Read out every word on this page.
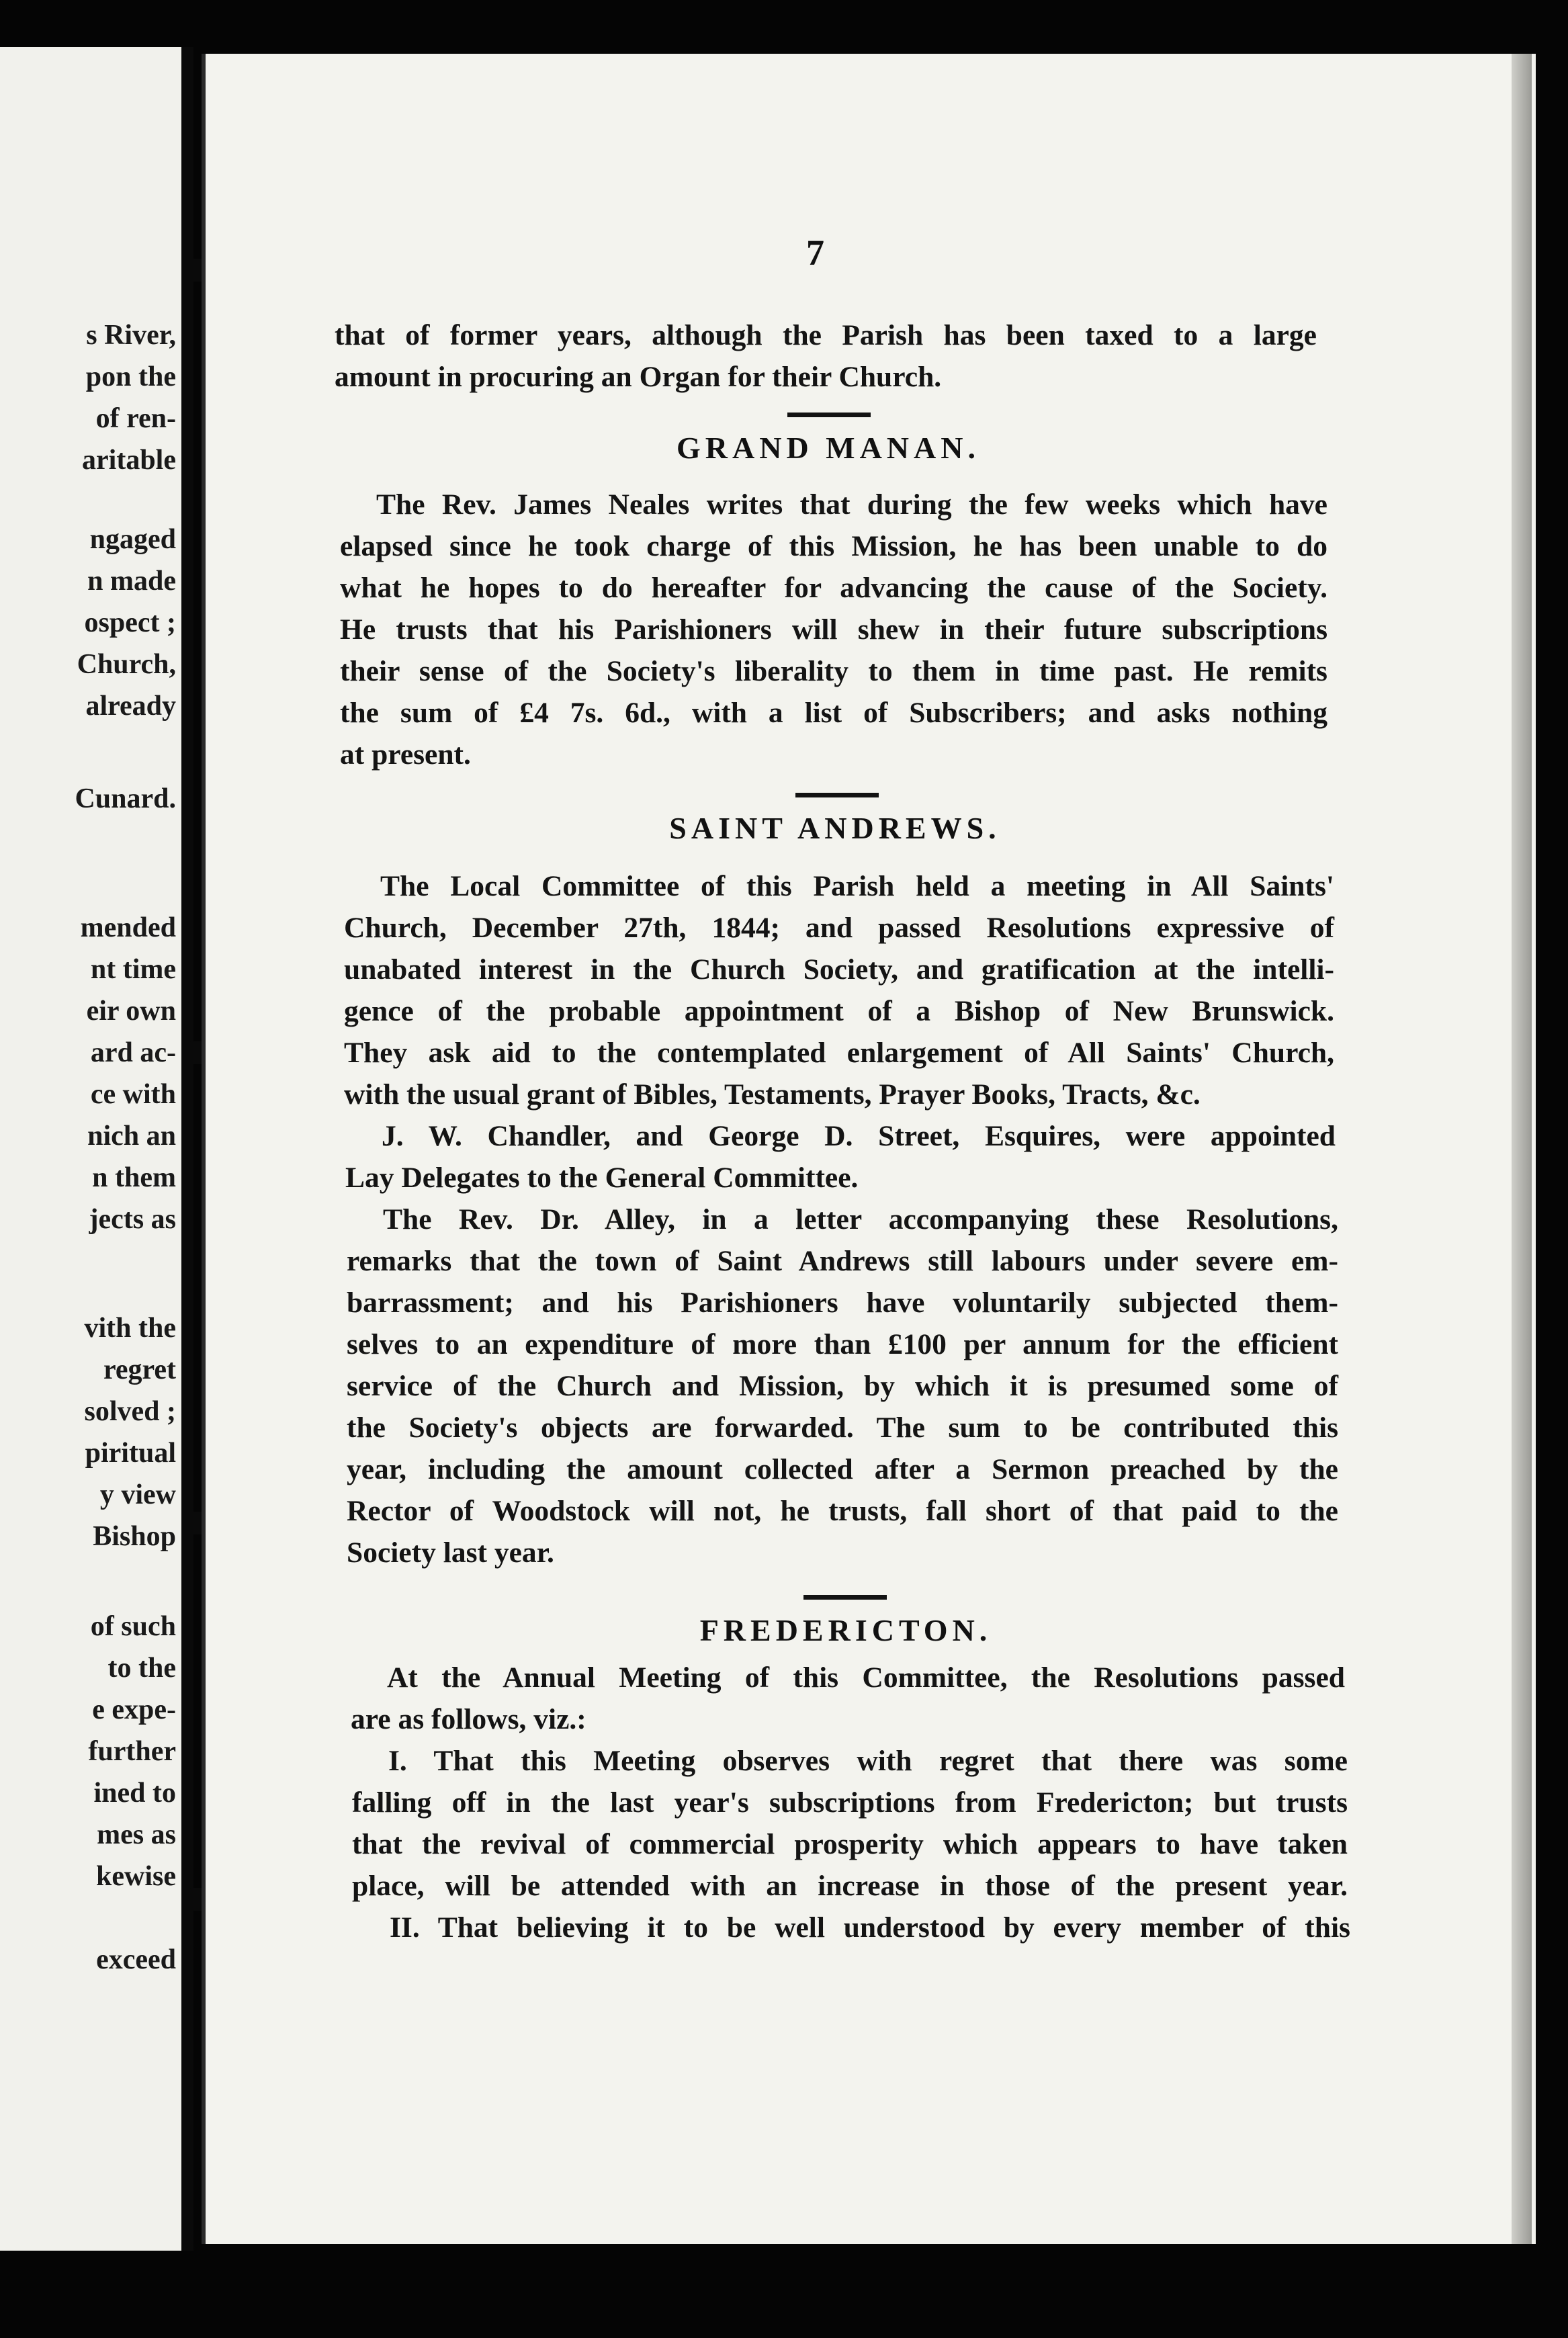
s River,
pon the
of ren-
aritable
ngaged
n made
ospect ;
Church,
already
Cunard.
mended
nt time
eir own
ard ac-
ce with
nich an
n them
jects as
vith the
regret
solved ;
piritual
y view
Bishop
of such
to the
e expe-
further
ined to
mes as
kewise
exceed
7
that of former years, although the Parish has been taxed to a large
amount in procuring an Organ for their Church.
GRAND MANAN.
The Rev. James Neales writes that during the few weeks which have
elapsed since he took charge of this Mission, he has been unable to do
what he hopes to do hereafter for advancing the cause of the Society.
He trusts that his Parishioners will shew in their future subscriptions
their sense of the Society's liberality to them in time past. He remits
the sum of £4 7s. 6d., with a list of Subscribers; and asks nothing
at present.
SAINT ANDREWS.
The Local Committee of this Parish held a meeting in All Saints'
Church, December 27th, 1844; and passed Resolutions expressive of
unabated interest in the Church Society, and gratification at the intelli-
gence of the probable appointment of a Bishop of New Brunswick.
They ask aid to the contemplated enlargement of All Saints' Church,
with the usual grant of Bibles, Testaments, Prayer Books, Tracts, &c.
J. W. Chandler, and George D. Street, Esquires, were appointed
Lay Delegates to the General Committee.
The Rev. Dr. Alley, in a letter accompanying these Resolutions,
remarks that the town of Saint Andrews still labours under severe em-
barrassment; and his Parishioners have voluntarily subjected them-
selves to an expenditure of more than £100 per annum for the efficient
service of the Church and Mission, by which it is presumed some of
the Society's objects are forwarded. The sum to be contributed this
year, including the amount collected after a Sermon preached by the
Rector of Woodstock will not, he trusts, fall short of that paid to the
Society last year.
FREDERICTON.
At the Annual Meeting of this Committee, the Resolutions passed
are as follows, viz.:
I. That this Meeting observes with regret that there was some
falling off in the last year's subscriptions from Fredericton; but trusts
that the revival of commercial prosperity which appears to have taken
place, will be attended with an increase in those of the present year.
II. That believing it to be well understood by every member of this
